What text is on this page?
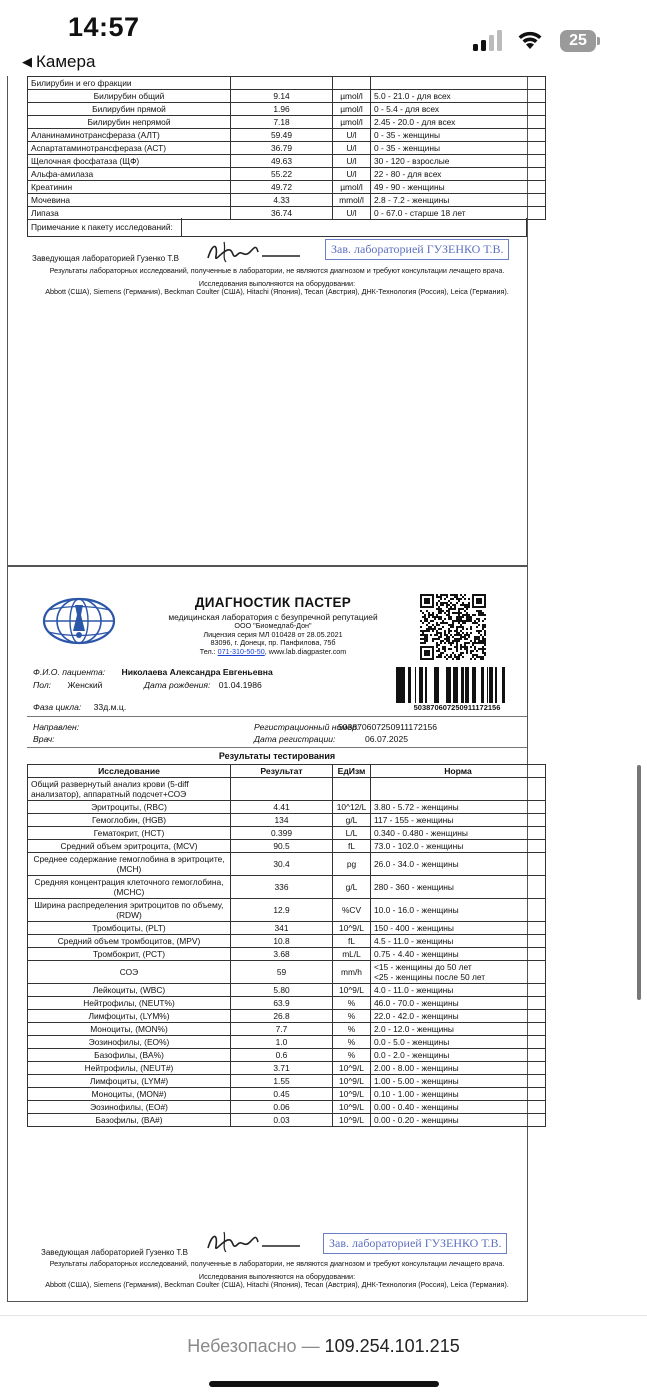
14:57
◀ Камера
25
Билирубин и его фракции			
Билирубин общий	9.14	µmol/l	5.0 - 21.0 - для всех
Билирубин прямой	1.96	µmol/l	0 - 5.4 - для всех
Билирубин непрямой	7.18	µmol/l	2.45 - 20.0 - для всех
Аланинаминотрансфераза (АЛТ)	59.49	U/l	0 - 35 - женщины
Аспартатаминотрансфераза (АСТ)	36.79	U/l	0 - 35 - женщины
Щелочная фосфатаза (ЩФ)	49.63	U/l	30 - 120 - взрослые
Альфа-амилаза	55.22	U/l	22 - 80 - для всех
Креатинин	49.72	µmol/l	49 - 90 - женщины
Мочевина	4.33	mmol/l	2.8 - 7.2 - женщины
Липаза	36.74	U/l	0 - 67.0 - старше 18 лет
Примечание к пакету исследований:
Заведующая лабораторией Гузенко Т.В
Зав. лабораторией ГУЗЕНКО Т.В.
Результаты лабораторных исследований, полученные в лаборатории, не являются диагнозом и требуют консультации лечащего врача.
Исследования выполняются на оборудовании:
Abbott (США), Siemens (Германия), Beckman Coulter (США), Hitachi (Япония), Tecan (Австрия), ДНК-Технология (Россия), Leica (Германия).
ДИАГНОСТИК ПАСТЕР
медицинская лаборатория с безупречной репутацией
ООО "Биомедлаб-Дон"
Лицензия серия МЛ 010428 от 28.05.2021
83096, г. Донецк, пр. Панфилова, 75б
Тел.: 071-310-50-50, www.lab.diagpaster.com
Ф.И.О. пациента: Николаева Александра Евгеньевна
Пол: Женский	Дата рождения: 01.04.1986
503870607250911172156
Фаза цикла: 33д.м.ц.
Направлен:
Врач:
Регистрационный номер:
503870607250911172156
Дата регистрации:	06.07.2025
Результаты тестирования
Исследование	Результат	ЕдИзм	Норма
Общий развернутый анализ крови (5-diff анализатор), аппаратный подсчет+СОЭ			
Эритроциты, (RBC)	4.41	10^12/L	3.80 - 5.72 - женщины
Гемоглобин, (HGB)	134	g/L	117 - 155 - женщины
Гематокрит, (HCT)	0.399	L/L	0.340 - 0.480 - женщины
Средний объем эритроцита, (MCV)	90.5	fL	73.0 - 102.0 - женщины
Среднее содержание гемоглобина в эритроците, (MCH)	30.4	pg	26.0 - 34.0 - женщины
Средняя концентрация клеточного гемоглобина, (MCHC)	336	g/L	280 - 360 - женщины
Ширина распределения эритроцитов по объему, (RDW)	12.9	%CV	10.0 - 16.0 - женщины
Тромбоциты, (PLT)	341	10^9/L	150 - 400 - женщины
Средний объем тромбоцитов, (MPV)	10.8	fL	4.5 - 11.0 - женщины
Тромбокрит, (PCT)	3.68	mL/L	0.75 - 4.40 - женщины
СОЭ	59	mm/h	<15 - женщины до 50 лет
<25 - женщины после 50 лет
Лейкоциты, (WBC)	5.80	10^9/L	4.0 - 11.0 - женщины
Нейтрофилы, (NEUT%)	63.9	%	46.0 - 70.0 - женщины
Лимфоциты, (LYM%)	26.8	%	22.0 - 42.0 - женщины
Моноциты, (MON%)	7.7	%	2.0 - 12.0 - женщины
Эозинофилы, (EO%)	1.0	%	0.0 - 5.0 - женщины
Базофилы, (BA%)	0.6	%	0.0 - 2.0 - женщины
Нейтрофилы, (NEUT#)	3.71	10^9/L	2.00 - 8.00 - женщины
Лимфоциты, (LYM#)	1.55	10^9/L	1.00 - 5.00 - женщины
Моноциты, (MON#)	0.45	10^9/L	0.10 - 1.00 - женщины
Эозинофилы, (EO#)	0.06	10^9/L	0.00 - 0.40 - женщины
Базофилы, (BA#)	0.03	10^9/L	0.00 - 0.20 - женщины
Заведующая лабораторией Гузенко Т.В
Зав. лабораторией ГУЗЕНКО Т.В.
Результаты лабораторных исследований, полученные в лаборатории, не являются диагнозом и требуют консультации лечащего врача.
Исследования выполняются на оборудовании:
Abbott (США), Siemens (Германия), Beckman Coulter (США), Hitachi (Япония), Tecan (Австрия), ДНК-Технология (Россия), Leica (Германия).
Небезопасно — 109.254.101.215
